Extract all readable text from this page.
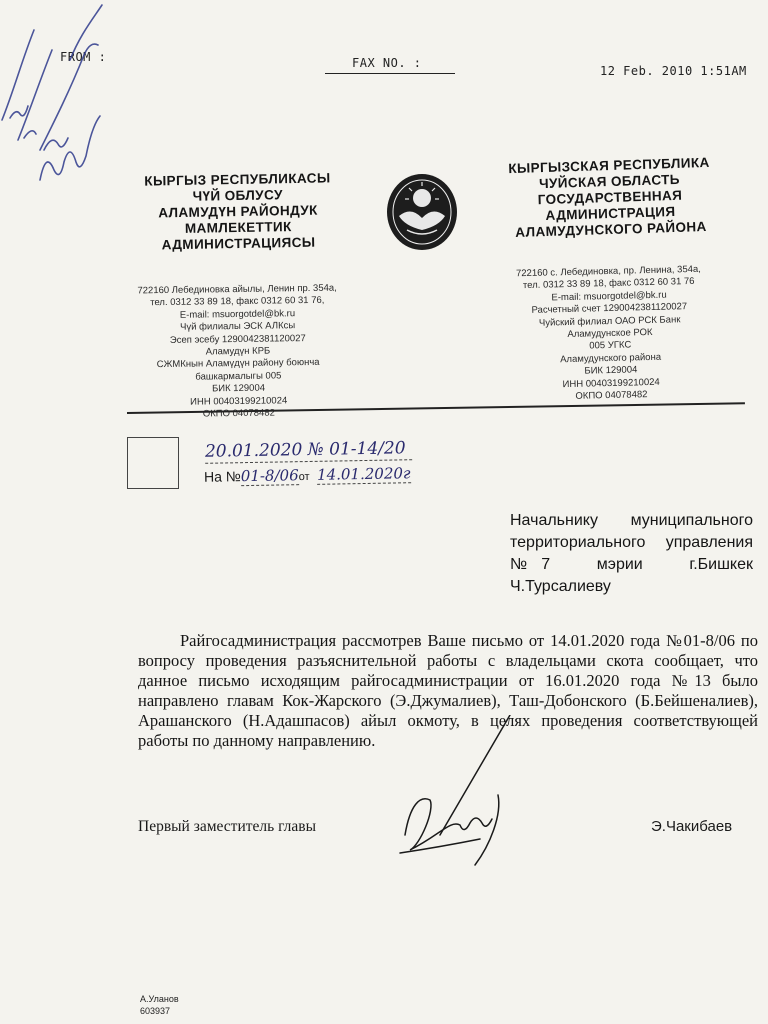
FROM :	FAX NO. :
12 Feb. 2010 1:51AM
КЫРГЫЗ РЕСПУБЛИКАСЫ
ЧҮЙ ОБЛУСУ
АЛАМУДҮН РАЙОНДУК
МАМЛЕКЕТТИК
АДМИНИСТРАЦИЯСЫ
КЫРГЫЗСКАЯ РЕСПУБЛИКА
ЧУЙСКАЯ ОБЛАСТЬ
ГОСУДАРСТВЕННАЯ
АДМИНИСТРАЦИЯ
АЛАМУДУНСКОГО РАЙОНА
722160 Лебединовка айылы, Ленин пр. 354а,
тел. 0312 33 89 18, факс 0312 60 31 76,
E-mail: msuorgotdel@bk.ru
Чүй филиалы ЭСК АЛКсы
Эсеп эсебу 1290042381120027
Аламудүн КРБ
СЖМКнын Аламүдүн району боюнча
башкармалыгы 005
БИК 129004
ИНН 00403199210024
ОКПО 04078482
722160 с. Лебединовка, пр. Ленина, 354а,
тел. 0312 33 89 18, факс 0312 60 31 76
E-mail: msuorgotdel@bk.ru
Расчетный счет 1290042381120027
Чуйский филиал ОАО РСК Банк
Аламудунское РОК
005 УГКС
Аламудунского района
БИК 129004
ИНН 00403199210024
ОКПО 04078482
20.01.2020 № 01-14/20
На №01-8/06от 14.01.2020г
Начальнику муниципального
территориального управления
№7 мэрии г.Бишкек
Ч.Турсалиеву
Райгосадминистрация рассмотрев Ваше письмо от 14.01.2020 года №01-8/06 по вопросу проведения разъяснительной работы с владельцами скота сообщает, что данное письмо исходящим райгосадминистрации от 16.01.2020 года №13 было направлено главам Кок-Жарского (Э.Джумалиев), Таш-Добонского (Б.Бейшеналиев), Арашанского (Н.Адашпасов) айыл окмоту, в целях проведения соответствующей работы по данному направлению.
Первый заместитель главы	Э.Чакибаев
А.Уланов
603937
